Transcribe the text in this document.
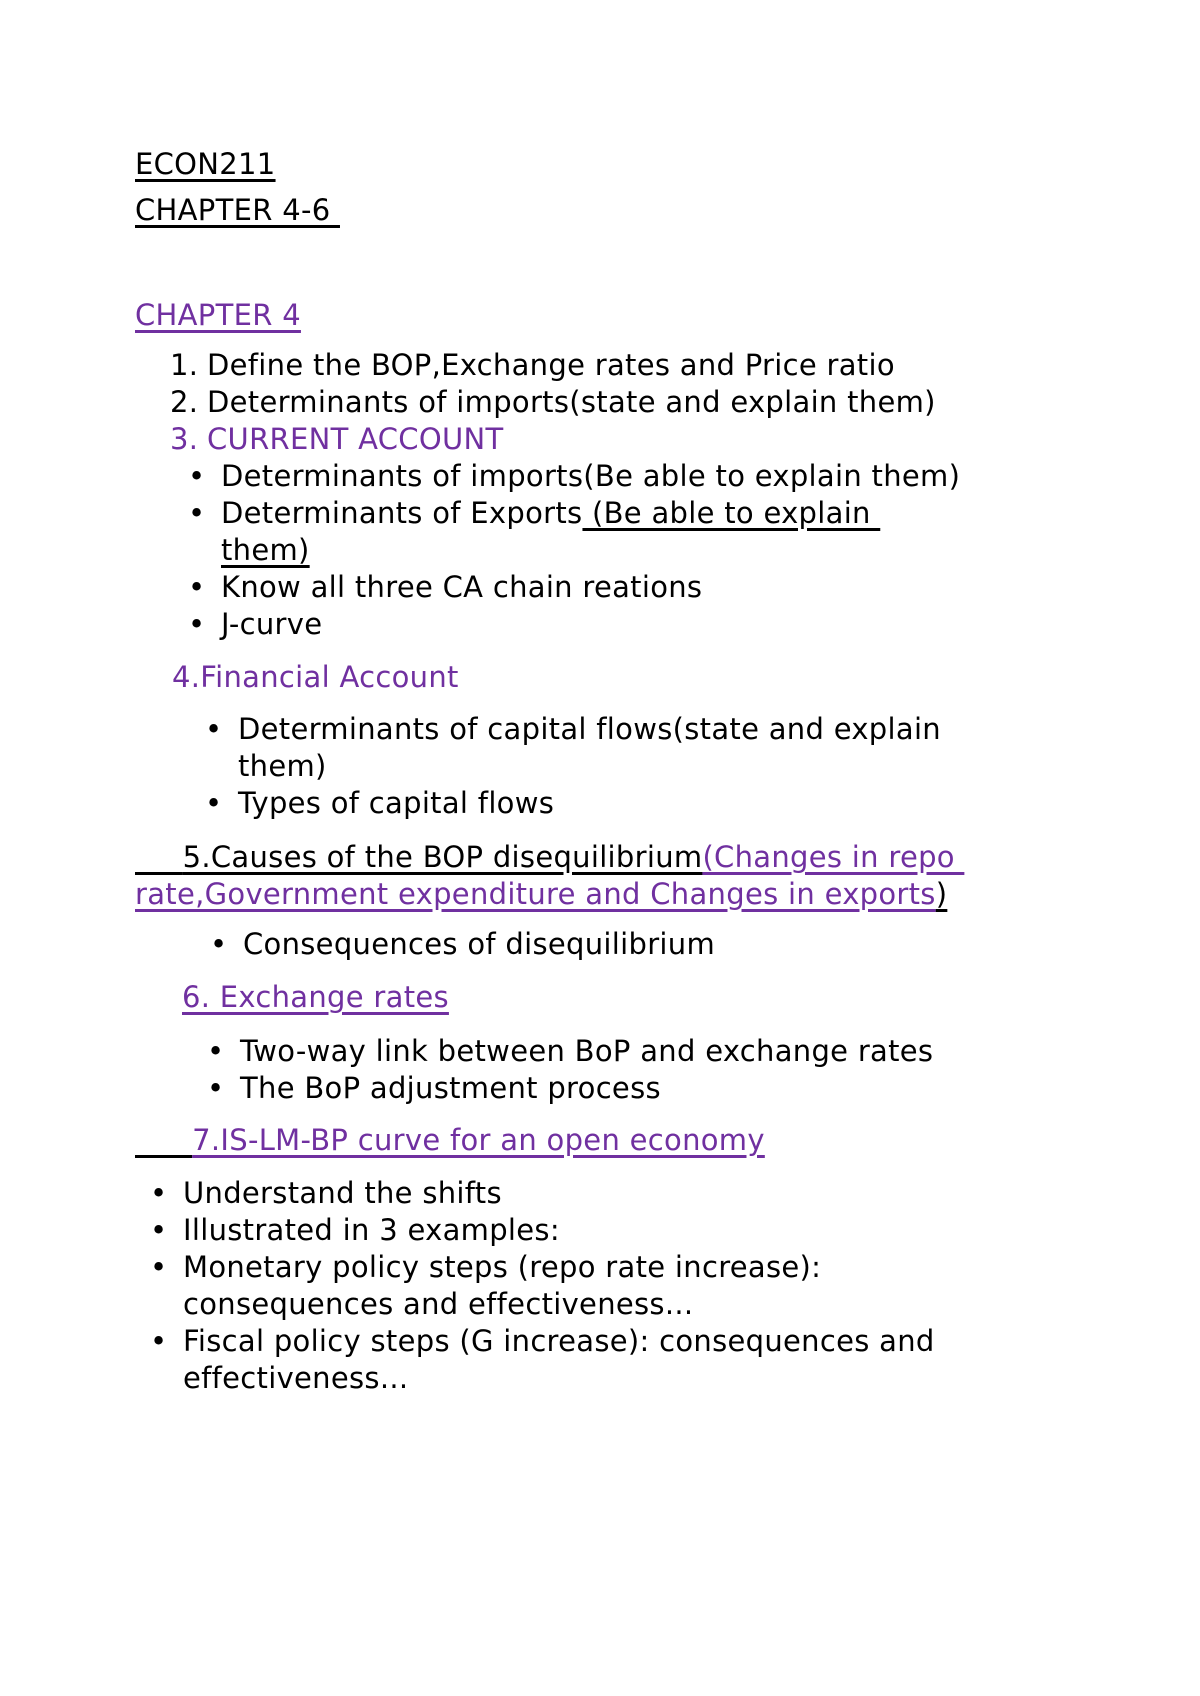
ECON211
CHAPTER 4-6
CHAPTER 4
1. Define the BOP,Exchange rates and Price ratio
2. Determinants of imports(state and explain them)
3. CURRENT ACCOUNT
• Determinants of imports(Be able to explain them)
• Determinants of Exports (Be able to explain
them)
• Know all three CA chain reations
• J-curve
4.Financial Account
• Determinants of capital flows(state and explain
them)
• Types of capital flows
5.Causes of the BOP disequilibrium(Changes in repo
rate,Government expenditure and Changes in exports)
• Consequences of disequilibrium
6. Exchange rates
• Two-way link between BoP and exchange rates
• The BoP adjustment process
7.IS-LM-BP curve for an open economy
• Understand the shifts
• Illustrated in 3 examples:
• Monetary policy steps (repo rate increase):
consequences and effectiveness...
• Fiscal policy steps (G increase): consequences and
effectiveness...
